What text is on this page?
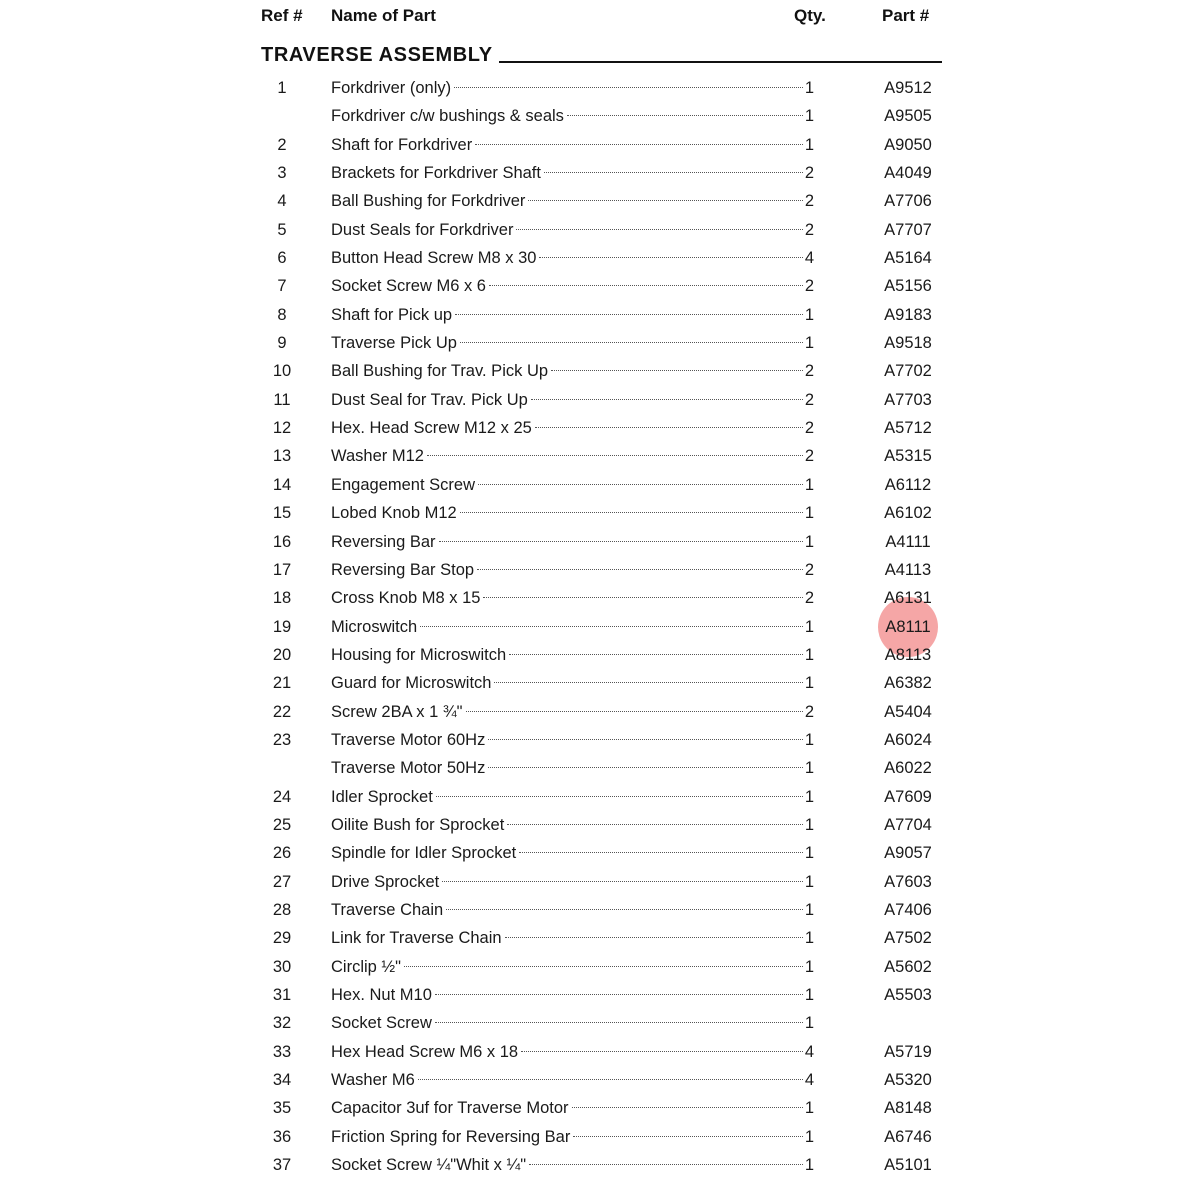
Ref # Name of Part	Qty.	Part #
TRAVERSE ASSEMBLY
1	Forkdriver (only)	1	A9512
Forkdriver c/w bushings & seals	1	A9505
2	Shaft for Forkdriver	1	A9050
3	Brackets for Forkdriver Shaft	2	A4049
4	Ball Bushing for Forkdriver	2	A7706
5	Dust Seals for Forkdriver	2	A7707
6	Button Head Screw M8 x 30	4	A5164
7	Socket Screw M6 x 6	2	A5156
8	Shaft for Pick up	1	A9183
9	Traverse Pick Up	1	A9518
10	Ball Bushing for Trav. Pick Up	2	A7702
11	Dust Seal for Trav. Pick Up	2	A7703
12	Hex. Head Screw M12 x 25	2	A5712
13	Washer M12	2	A5315
14	Engagement Screw	1	A6112
15	Lobed Knob M12	1	A6102
16	Reversing Bar	1	A4111
17	Reversing Bar Stop	2	A4113
18	Cross Knob M8 x 15	2	A6131
19	Microswitch	1	A8111
20	Housing for Microswitch	1	A8113
21	Guard for Microswitch	1	A6382
22	Screw 2BA x 1 ¾"	2	A5404
23	Traverse Motor 60Hz	1	A6024
Traverse Motor 50Hz	1	A6022
24	Idler Sprocket	1	A7609
25	Oilite Bush for Sprocket	1	A7704
26	Spindle for Idler Sprocket	1	A9057
27	Drive Sprocket	1	A7603
28	Traverse Chain	1	A7406
29	Link for Traverse Chain	1	A7502
30	Circlip ½"	1	A5602
31	Hex. Nut M10	1	A5503
32	Socket Screw	1
33	Hex Head Screw M6 x 18	4	A5719
34	Washer M6	4	A5320
35	Capacitor 3uf for Traverse Motor	1	A8148
36	Friction Spring for Reversing Bar	1	A6746
37	Socket Screw ¼"Whit x ¼"	1	A5101
